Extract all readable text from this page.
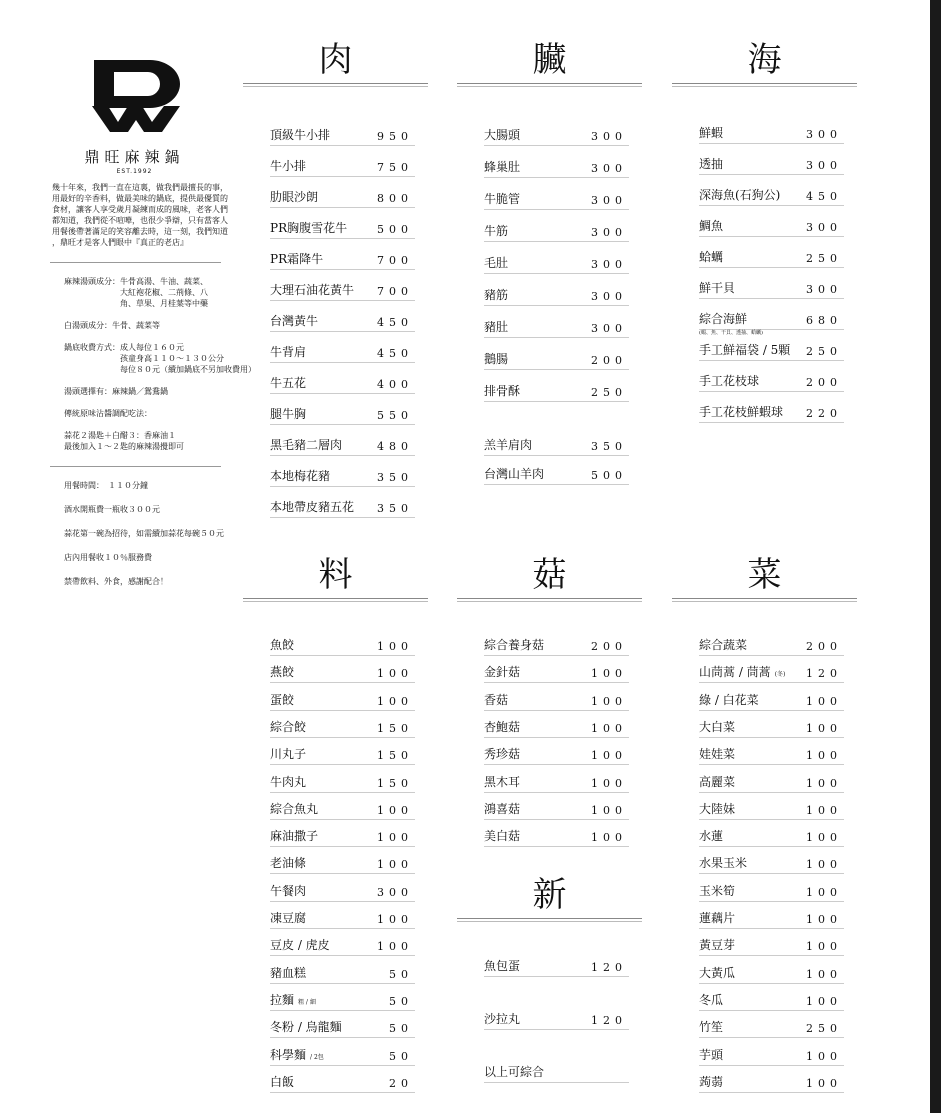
鼎旺麻辣鍋
EST.1992
幾十年來，我們一直在這裏，做我們最擅長的事，
用最好的辛香料，做最美味的鍋底，提供最優質的
食材，讓客人享受歲月凝練而成的風味，老客人們
都知道，我們從不喧嘩，也很少爭辯，只有當客人
用餐後帶著滿足的笑容離去時，這一刻，我們知道
，鼎旺才是客人們眼中『真正的老店』
麻辣湯頭成分：牛骨高湯、牛油、蔬菜、
　　　　　　　大紅袍花椒、二荊條、八
　　　　　　　角、草果、月桂葉等中藥

白湯頭成分：牛骨、蔬菜等

鍋底收費方式：成人每位１６０元
　　　　　　　孩童身高１１０～１３０公分
　　　　　　　每位８０元（續加鍋底不另加收費用）

湯頭選擇有：麻辣鍋／鴛鴦鍋

傳統原味沾醬調配吃法：

蒜花２湯匙＋白醋３：香麻油１
最後加入１～２匙的麻辣湯攪即可
用餐時間：　１１０分鐘

酒水開瓶費一瓶收３００元

蒜花第一碗為招待，如需續加蒜花每碗５０元

店內用餐收１０％服務費

禁帶飲料、外食，感謝配合！
肉
頂級牛小排	950
牛小排	750
肋眼沙朗	800
PR胸腹雪花牛	500
PR霜降牛	700
大理石油花黃牛 700
台灣黃牛	450
牛背肩	450
牛五花	400
腿牛胸	550
黑毛豬二層肉	480
本地梅花豬	350
本地帶皮豬五花 350
臟
大腸頭	300
蜂巢肚	300
牛脆管	300
牛筋	300
毛肚	300
豬筋	300
豬肚	300
鵝腸	200
排骨酥	250
羔羊肩肉	350
台灣山羊肉	500
海
鮮蝦	300
透抽	300
深海魚(石狗公) 450
鯛魚	300
蛤蠣	250
鮮干貝	300
綜合海鮮	680
(蝦、魚、干貝、透抽、蛤蠣)
手工鮮福袋 / 5顆 250
手工花枝球	200
手工花枝鮮蝦球 220
料
魚餃	100
燕餃	100
蛋餃	100
綜合餃	150
川丸子	150
牛肉丸	150
綜合魚丸	100
麻油撒子	100
老油條	100
午餐肉	300
凍豆腐	100
豆皮 / 虎皮	100
豬血糕	50
拉麵 粗 / 細	50
冬粉 / 烏龍麵	50
科學麵 / 2包	50
白飯	20
菇
綜合養身菇	200
金針菇	100
香菇	100
杏鮑菇	100
秀珍菇	100
黑木耳	100
鴻喜菇	100
美白菇	100
新
魚包蛋	120
沙拉丸	120
以上可綜合
菜
綜合蔬菜	200
山茼蒿 / 茼蒿 (冬) 120
綠 / 白花菜	100
大白菜	100
娃娃菜	100
高麗菜	100
大陸妹	100
水蓮	100
水果玉米	100
玉米筍	100
蓮藕片	100
黃豆芽	100
大黃瓜	100
冬瓜	100
竹笙	250
芋頭	100
蒟蒻	100
